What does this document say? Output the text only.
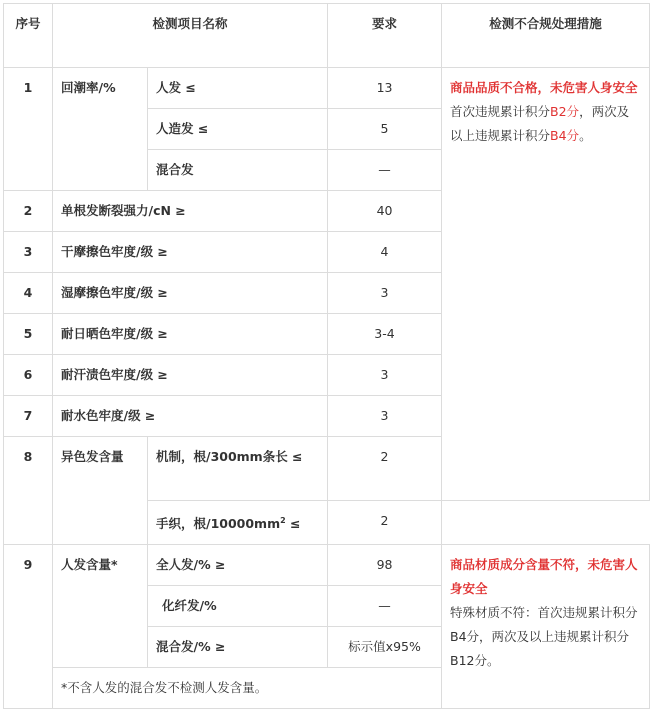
序号	检测项目名称		要求	检测不合规处理措施
1	回潮率/%	人发 ≤	13	商品品质不合格，未危害人身安全
首次违规累计积分B2分，两次及以上违规累计积分B4分。
		人造发 ≤	5	
		混合发	—	
2	单根发断裂强力/cN ≥		40	
3	干摩擦色牢度/级 ≥		4	
4	湿摩擦色牢度/级 ≥		3	
5	耐日晒色牢度/级 ≥		3-4	
6	耐汗渍色牢度/级 ≥		3	
7	耐水色牢度/级 ≥		3	
8	异色发含量	机制，根/300mm条长 ≤	2	
		手织，根$/10000mm^2$ ≤	2	
9	人发含量*	全人发/% ≥	98	商品材质成分含量不符，未危害人身安全
特殊材质不符：首次违规累计积分B4分，两次及以上违规累计积分B12分。
		化纤发/%	—	
		混合发/% ≥	标示值x95%	
	*不含人发的混合发不检测人发含量。			
